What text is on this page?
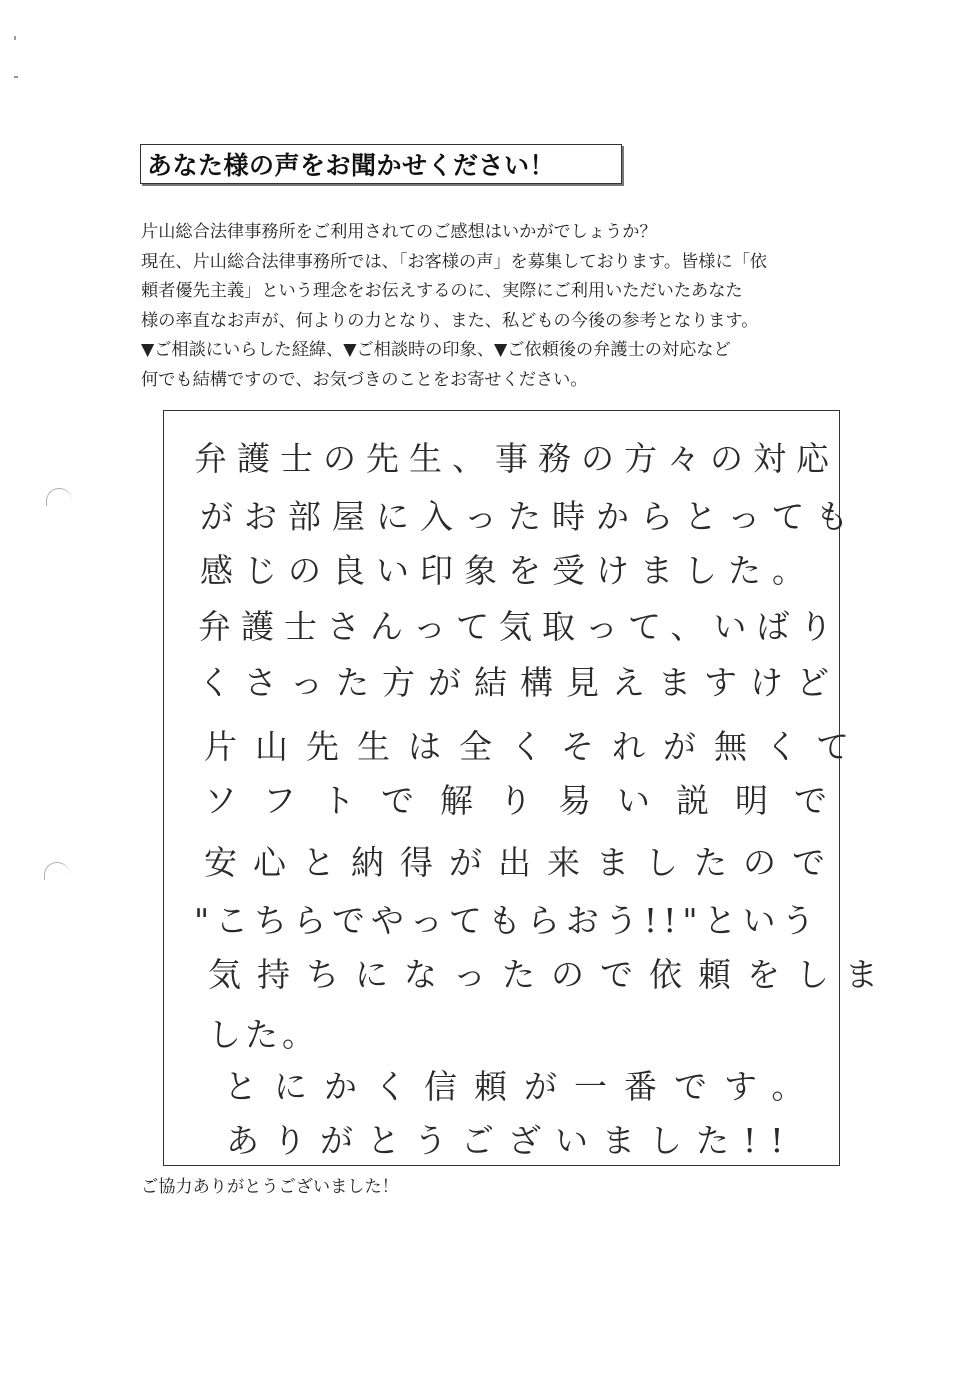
あなた様の声をお聞かせください！
片山総合法律事務所をご利用されてのご感想はいかがでしょうか？
現在、片山総合法律事務所では、「お客様の声」を募集しております。皆様に「依
頼者優先主義」という理念をお伝えするのに、実際にご利用いただいたあなた
様の率直なお声が、何よりの力となり、また、私どもの今後の参考となります。
▼ご相談にいらした経緯、▼ご相談時の印象、▼ご依頼後の弁護士の対応など
何でも結構ですので、お気づきのことをお寄せください。
弁護士の先生、事務の方々の対応
がお部屋に入った時からとっても
感じの良い印象を受けました。
弁護士さんって気取って、いばり
くさった方が結構見えますけど
片山先生は全くそれが無くて
ソフトで解り易い説明で
安心と納得が出来ましたので
"こちらでやってもらおう!!"という
気持ちになったので依頼をしま
した。
とにかく信頼が一番です。
ありがとうございました!!
ご協力ありがとうございました！
